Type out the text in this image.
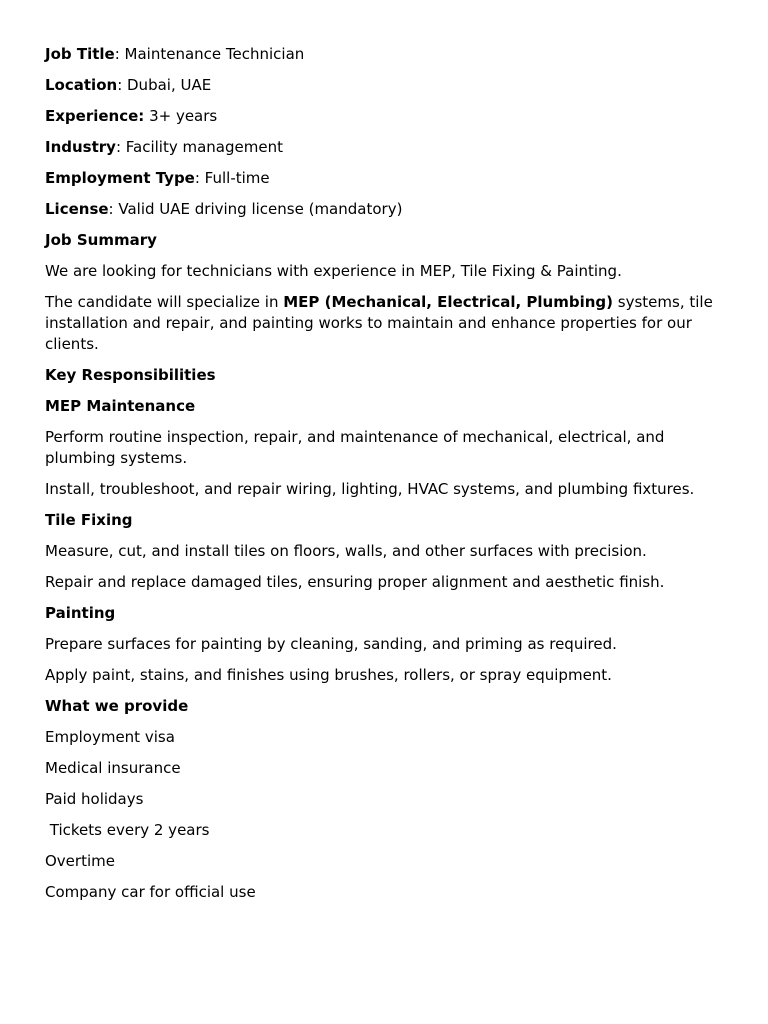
Job Title: Maintenance Technician

Location: Dubai, UAE

Experience: 3+ years

Industry: Facility management

Employment Type: Full-time

License: Valid UAE driving license (mandatory)

Job Summary

We are looking for technicians with experience in MEP, Tile Fixing & Painting.

The candidate will specialize in MEP (Mechanical, Electrical, Plumbing) systems, tile installation and repair, and painting works to maintain and enhance properties for our clients.

Key Responsibilities

MEP Maintenance

Perform routine inspection, repair, and maintenance of mechanical, electrical, and plumbing systems.

Install, troubleshoot, and repair wiring, lighting, HVAC systems, and plumbing fixtures.

Tile Fixing

Measure, cut, and install tiles on floors, walls, and other surfaces with precision.

Repair and replace damaged tiles, ensuring proper alignment and aesthetic finish.

Painting

Prepare surfaces for painting by cleaning, sanding, and priming as required.

Apply paint, stains, and finishes using brushes, rollers, or spray equipment.

What we provide

Employment visa

Medical insurance

Paid holidays

Tickets every 2 years

Overtime

Company car for official use
